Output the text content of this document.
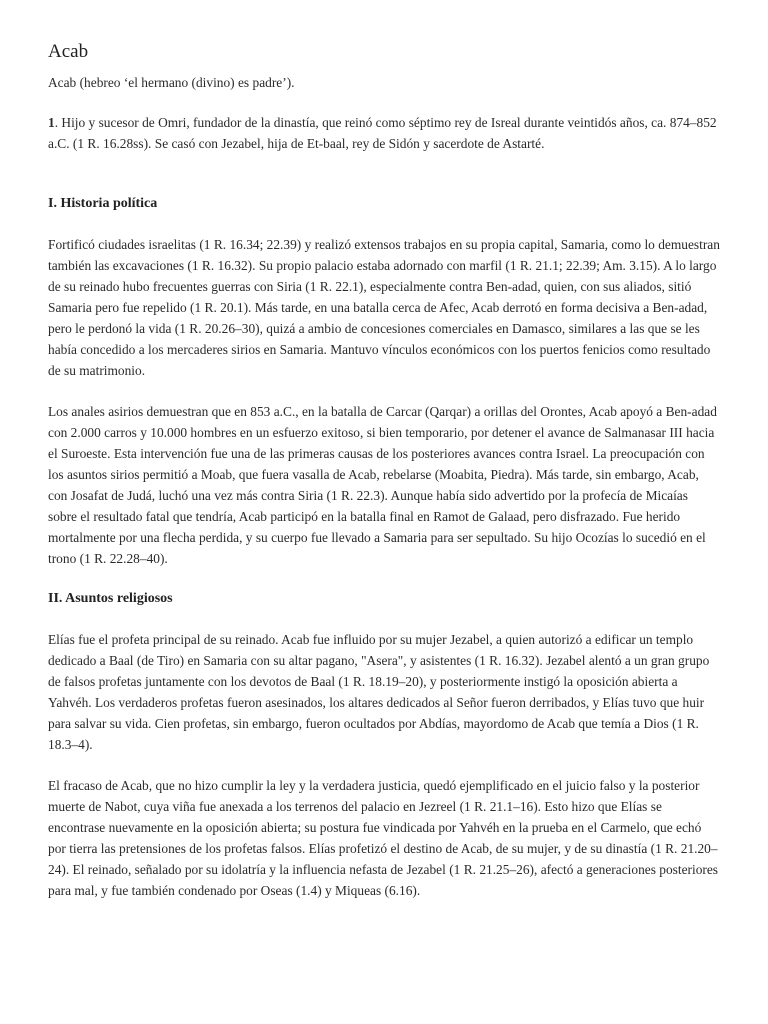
Acab

Acab (hebreo ‘el hermano (divino) es padre’).

1. Hijo y sucesor de Omri, fundador de la dinastía, que reinó como séptimo rey de Isreal durante veintidós años, ca. 874–852 a.C. (1 R. 16.28ss). Se casó con Jezabel, hija de Et-baal, rey de Sidón y sacerdote de Astarté.

I. Historia política

Fortificó ciudades israelitas (1 R. 16.34; 22.39) y realizó extensos trabajos en su propia capital, Samaria, como lo demuestran también las excavaciones (1 R. 16.32). Su propio palacio estaba adornado con marfil (1 R. 21.1; 22.39; Am. 3.15). A lo largo de su reinado hubo frecuentes guerras con Siria (1 R. 22.1), especialmente contra Ben-adad, quien, con sus aliados, sitió Samaria pero fue repelido (1 R. 20.1). Más tarde, en una batalla cerca de Afec, Acab derrotó en forma decisiva a Ben-adad, pero le perdonó la vida (1 R. 20.26–30), quizá a ambio de concesiones comerciales en Damasco, similares a las que se les había concedido a los mercaderes sirios en Samaria. Mantuvo vínculos económicos con los puertos fenicios como resultado de su matrimonio.

Los anales asirios demuestran que en 853 a.C., en la batalla de Carcar (Qarqar) a orillas del Orontes, Acab apoyó a Ben-adad con 2.000 carros y 10.000 hombres en un esfuerzo exitoso, si bien temporario, por detener el avance de Salmanasar III hacia el Suroeste. Esta intervención fue una de las primeras causas de los posteriores avances contra Israel. La preocupación con los asuntos sirios permitió a Moab, que fuera vasalla de Acab, rebelarse (Moabita, Piedra). Más tarde, sin embargo, Acab, con Josafat de Judá, luchó una vez más contra Siria (1 R. 22.3). Aunque había sido advertido por la profecía de Micaías sobre el resultado fatal que tendría, Acab participó en la batalla final en Ramot de Galaad, pero disfrazado. Fue herido mortalmente por una flecha perdida, y su cuerpo fue llevado a Samaria para ser sepultado. Su hijo Ocozías lo sucedió en el trono (1 R. 22.28–40).

II. Asuntos religiosos

Elías fue el profeta principal de su reinado. Acab fue influido por su mujer Jezabel, a quien autorizó a edificar un templo dedicado a Baal (de Tiro) en Samaria con su altar pagano, "Asera", y asistentes (1 R. 16.32). Jezabel alentó a un gran grupo de falsos profetas juntamente con los devotos de Baal (1 R. 18.19–20), y posteriormente instigó la oposición abierta a Yahvéh. Los verdaderos profetas fueron asesinados, los altares dedicados al Señor fueron derribados, y Elías tuvo que huir para salvar su vida. Cien profetas, sin embargo, fueron ocultados por Abdías, mayordomo de Acab que temía a Dios (1 R. 18.3–4).

El fracaso de Acab, que no hizo cumplir la ley y la verdadera justicia, quedó ejemplificado en el juicio falso y la posterior muerte de Nabot, cuya viña fue anexada a los terrenos del palacio en Jezreel (1 R. 21.1–16). Esto hizo que Elías se encontrase nuevamente en la oposición abierta; su postura fue vindicada por Yahvéh en la prueba en el Carmelo, que echó por tierra las pretensiones de los profetas falsos. Elías profetizó el destino de Acab, de su mujer, y de su dinastía (1 R. 21.20–24). El reinado, señalado por su idolatría y la influencia nefasta de Jezabel (1 R. 21.25–26), afectó a generaciones posteriores para mal, y fue también condenado por Oseas (1.4) y Miqueas (6.16).
